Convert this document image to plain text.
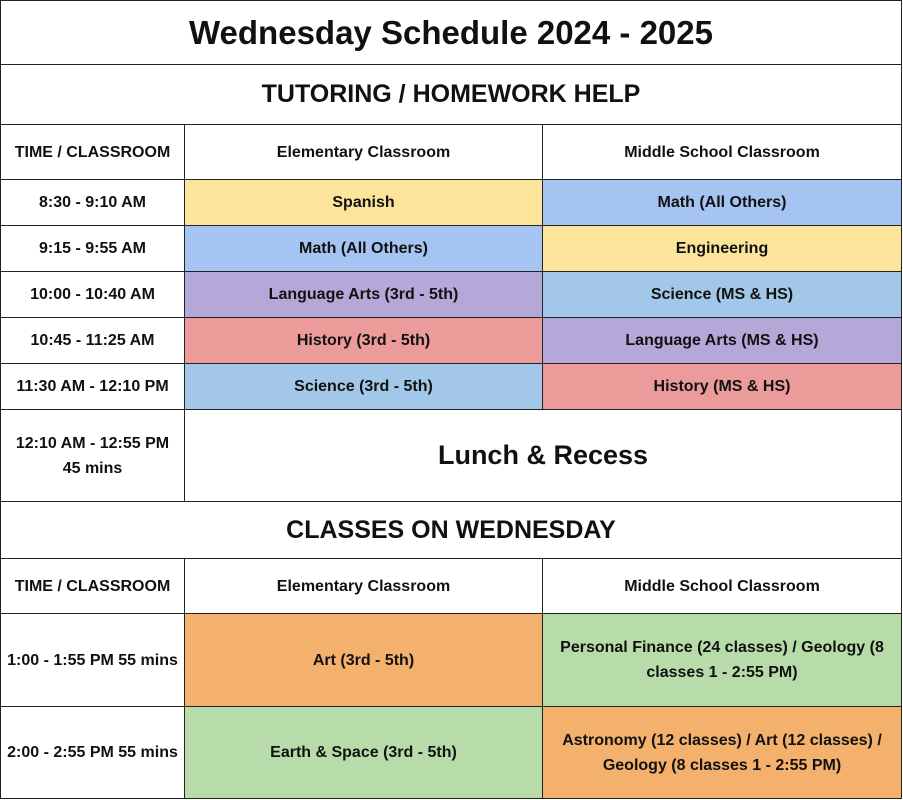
Wednesday Schedule 2024 - 2025		
TUTORING / HOMEWORK HELP		
TIME / CLASSROOM	Elementary Classroom	Middle School Classroom
8:30 - 9:10 AM	Spanish	Math (All Others)
9:15 - 9:55 AM	Math (All Others)	Engineering
10:00 - 10:40 AM	Language Arts (3rd - 5th)	Science (MS & HS)
10:45 - 11:25 AM	History (3rd - 5th)	Language Arts (MS & HS)
11:30 AM - 12:10 PM	Science (3rd - 5th)	History (MS & HS)
12:10 AM - 12:55 PM 45 mins	Lunch & Recess	
CLASSES ON WEDNESDAY		
TIME / CLASSROOM	Elementary Classroom	Middle School Classroom
1:00 - 1:55 PM 55 mins	Art (3rd - 5th)	Personal Finance (24 classes) / Geology (8 classes 1 - 2:55 PM)
2:00 - 2:55 PM 55 mins	Earth & Space (3rd - 5th)	Astronomy (12 classes) / Art (12 classes) / Geology (8 classes 1 - 2:55 PM)
